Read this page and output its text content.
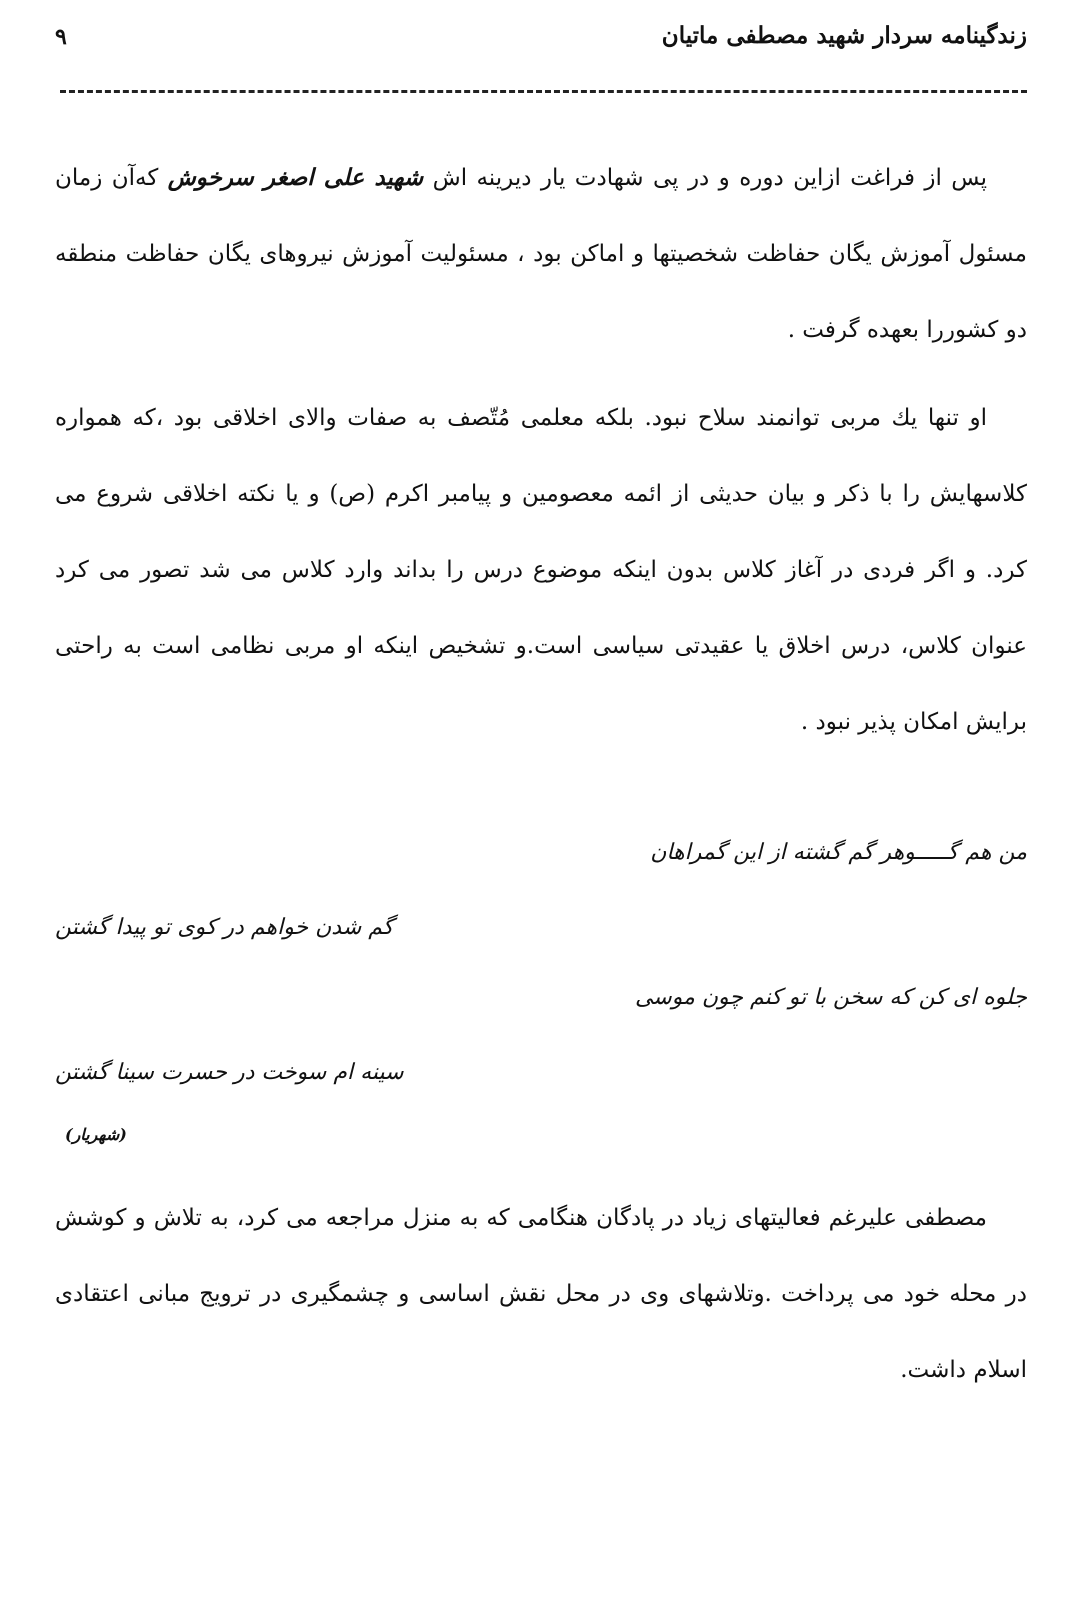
زندگینامه سردار شهید مصطفی ماتیان
۹

پس از فراغت ازاین دوره و در پی شهادت یار دیرینه اش شهید علی اصغر سرخوش که‌آن زمان مسئول آموزش یگان حفاظت شخصیتها و اماکن بود ، مسئولیت آموزش نیروهای یگان حفاظت منطقه دو کشوررا بعهده گرفت .

او تنها یك مربی توانمند سلاح نبود. بلکه معلمی مُتّصف به صفات والای اخلاقی بود ،که همواره کلاسهایش را با ذکر و بیان حدیثی از ائمه معصومین و پیامبر اکرم (ص) و یا نکته اخلاقی شروع می کرد. و اگر فردی در آغاز کلاس بدون اینکه موضوع درس را بداند وارد کلاس می شد تصور می کرد عنوان کلاس، درس اخلاق یا عقیدتی سیاسی است.و تشخیص اینکه او مربی نظامی است به راحتی برایش امکان پذیر نبود .

من هم گـــــوهر گم گشته از این گمراهان
گم شدن خواهم در کوی تو پیدا گشتن
جلوه ای کن که سخن با تو کنم چون موسی
سینه ام سوخت در حسرت سینا گشتن
(شهریار)

مصطفی علیرغم فعالیتهای زیاد در پادگان هنگامی که به منزل مراجعه می کرد، به تلاش و کوشش در محله خود می پرداخت .وتلاشهای وی در محل نقش اساسی و چشمگیری در ترویج مبانی اعتقادی اسلام داشت.
